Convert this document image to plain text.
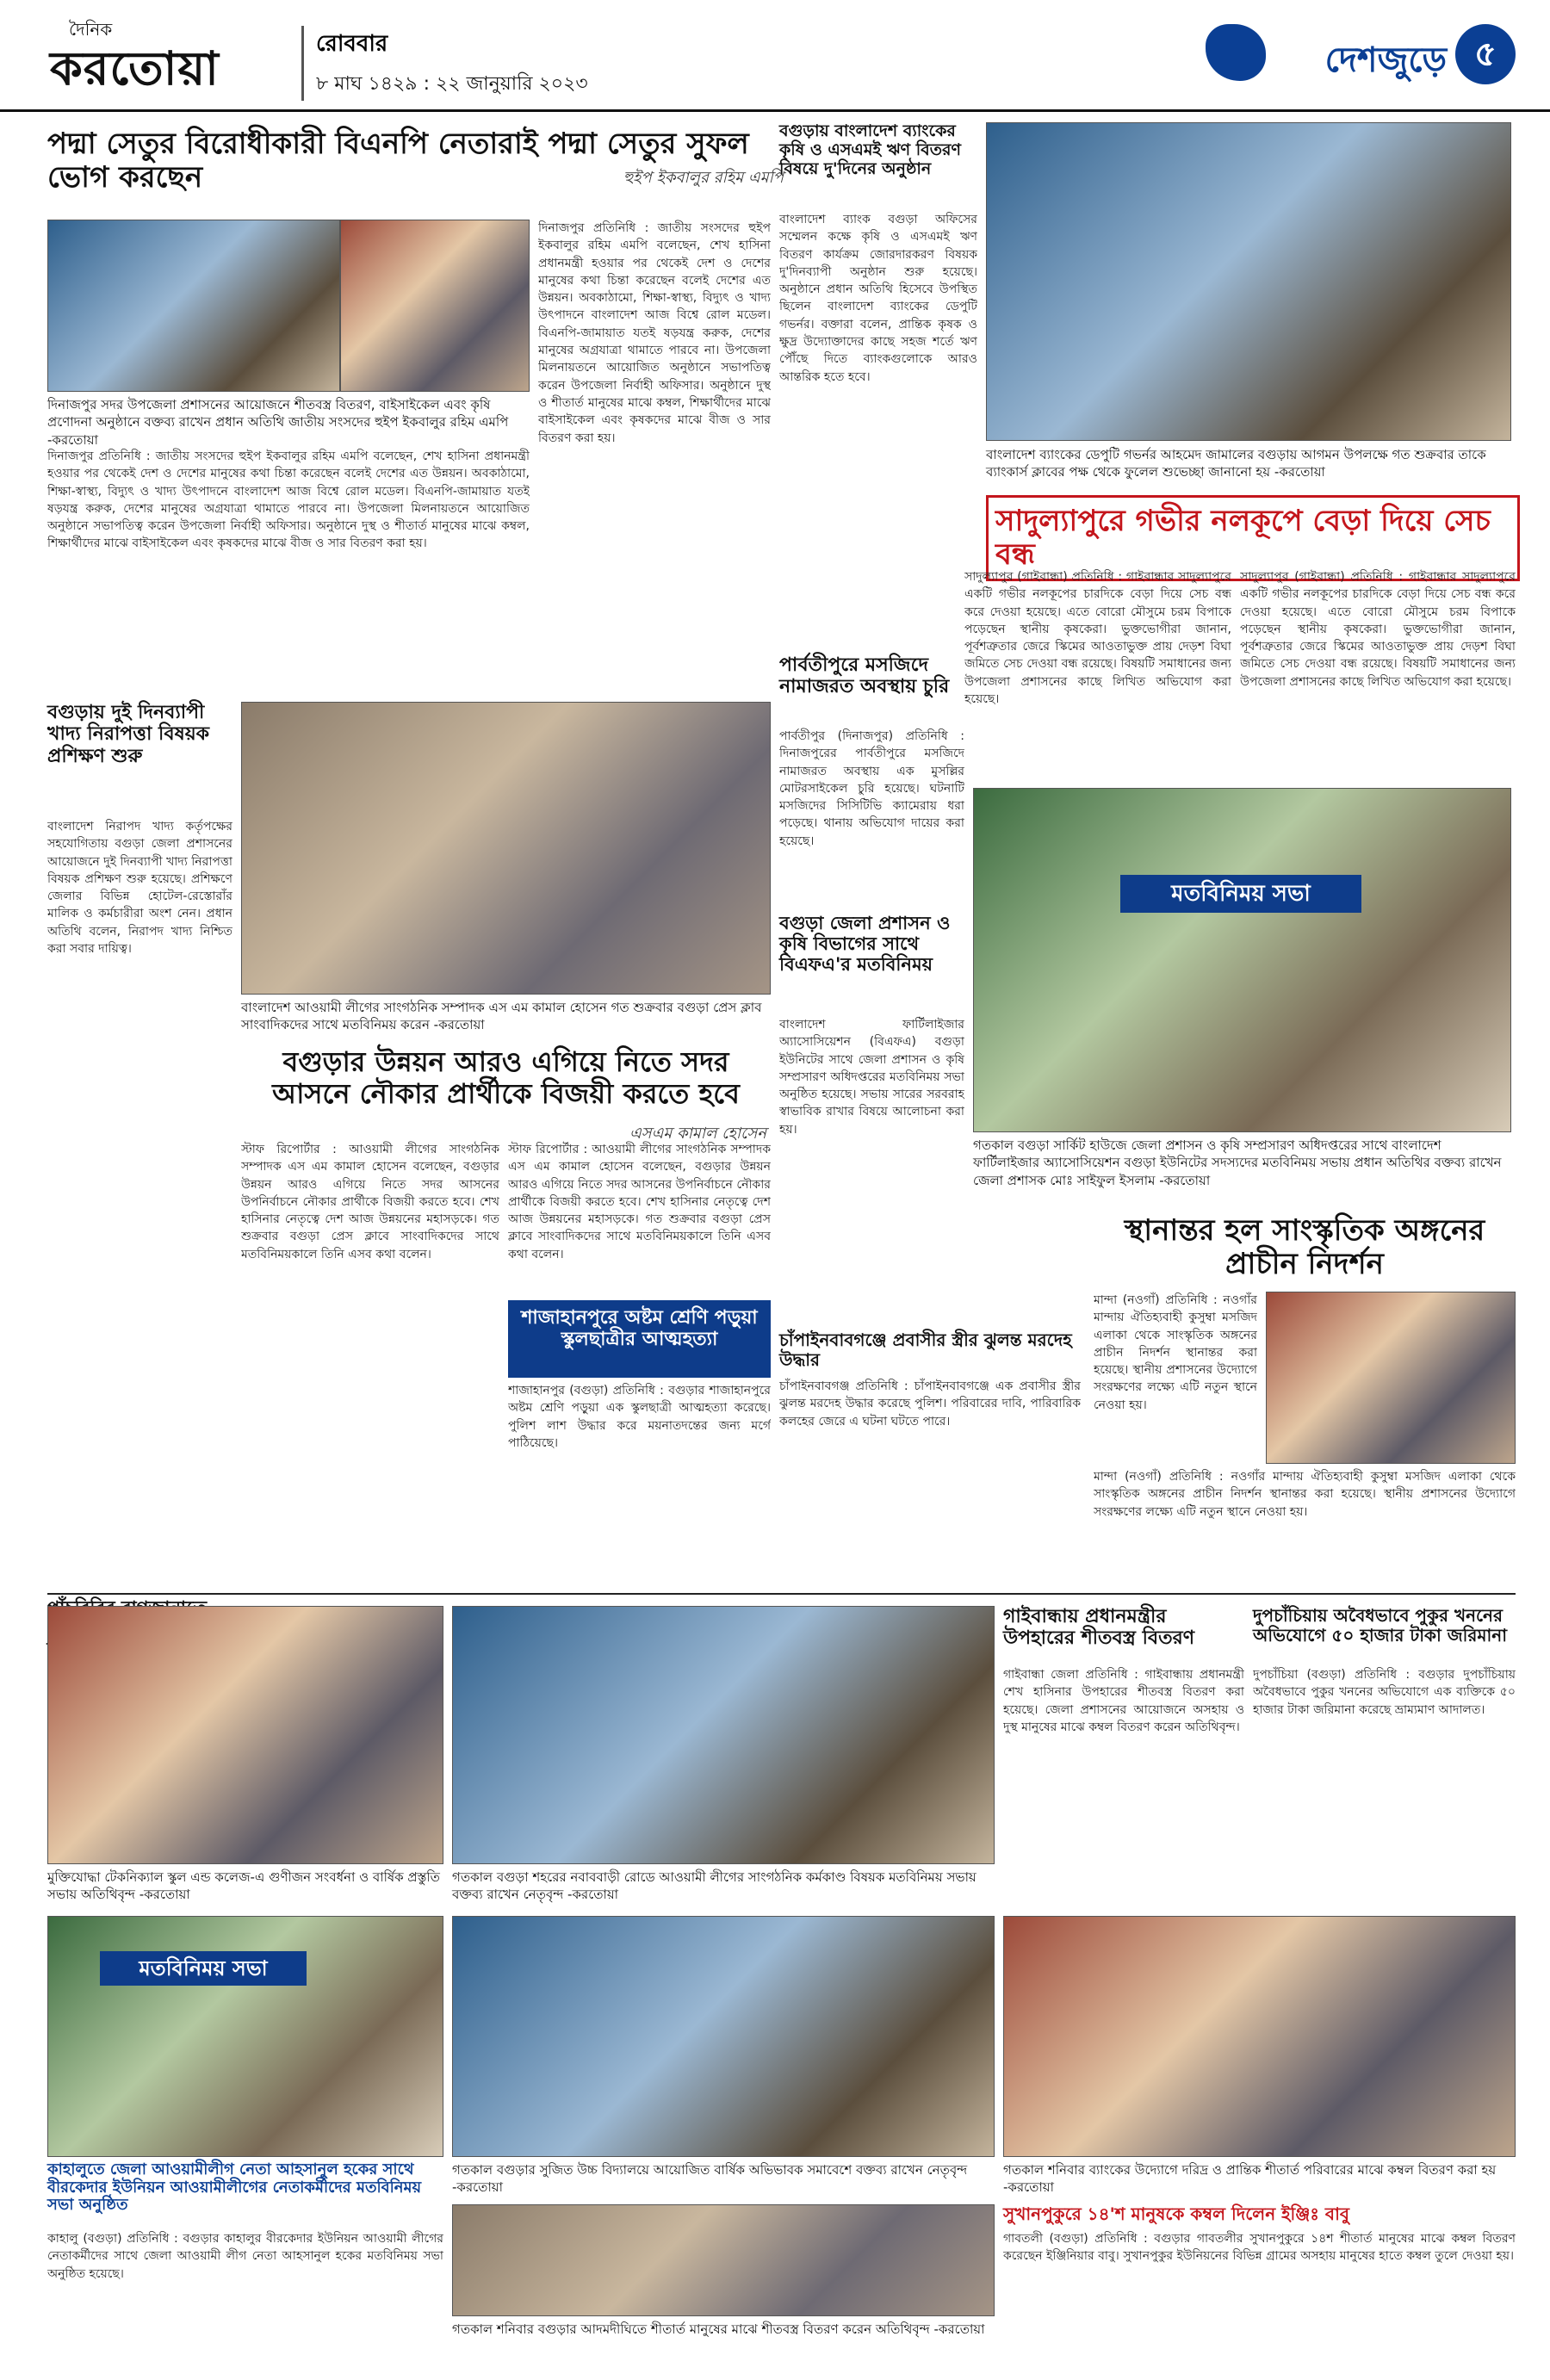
দৈনিক
করতোয়া	রোববার
৮ মাঘ ১৪২৯ : ২২ জানুয়ারি ২০২৩
দেশজুড়ে ৫
পদ্মা সেতুর বিরোধীকারী বিএনপি নেতারাই পদ্মা সেতুর সুফল ভোগ করছেন	হুইপ ইকবালুর রহিম এমপি
দিনাজপুর সদর উপজেলা প্রশাসনের আয়োজনে শীতবস্ত্র বিতরণ, বাইসাইকেল এবং কৃষি প্রণোদনা অনুষ্ঠানে বক্তব্য রাখেন প্রধান অতিথি জাতীয় সংসদের হুইপ ইকবালুর রহিম এমপি -করতোয়া
দিনাজপুর প্রতিনিধি : জাতীয় সংসদের হুইপ ইকবালুর রহিম এমপি বলেছেন, শেখ হাসিনা প্রধানমন্ত্রী হওয়ার পর থেকেই দেশ ও দেশের মানুষের কথা চিন্তা করেছেন বলেই দেশের এত উন্নয়ন। অবকাঠামো, শিক্ষা-স্বাস্থ্য, বিদ্যুৎ ও খাদ্য উৎপাদনে বাংলাদেশ আজ বিশ্বে রোল মডেল। বিএনপি-জামায়াত যতই ষড়যন্ত্র করুক, দেশের মানুষের অগ্রযাত্রা থামাতে পারবে না। উপজেলা মিলনায়তনে আয়োজিত অনুষ্ঠানে সভাপতিত্ব করেন উপজেলা নির্বাহী অফিসার। অনুষ্ঠানে দুস্থ ও শীতার্ত মানুষের মাঝে কম্বল, শিক্ষার্থীদের মাঝে বাইসাইকেল এবং কৃষকদের মাঝে বীজ ও সার বিতরণ করা হয়।
দিনাজপুর প্রতিনিধি : জাতীয় সংসদের হুইপ ইকবালুর রহিম এমপি বলেছেন, শেখ হাসিনা প্রধানমন্ত্রী হওয়ার পর থেকেই দেশ ও দেশের মানুষের কথা চিন্তা করেছেন বলেই দেশের এত উন্নয়ন। অবকাঠামো, শিক্ষা-স্বাস্থ্য, বিদ্যুৎ ও খাদ্য উৎপাদনে বাংলাদেশ আজ বিশ্বে রোল মডেল। বিএনপি-জামায়াত যতই ষড়যন্ত্র করুক, দেশের মানুষের অগ্রযাত্রা থামাতে পারবে না। উপজেলা মিলনায়তনে আয়োজিত অনুষ্ঠানে সভাপতিত্ব করেন উপজেলা নির্বাহী অফিসার। অনুষ্ঠানে দুস্থ ও শীতার্ত মানুষের মাঝে কম্বল, শিক্ষার্থীদের মাঝে বাইসাইকেল এবং কৃষকদের মাঝে বীজ ও সার বিতরণ করা হয়।
বগুড়ায় বাংলাদেশ ব্যাংকের কৃষি ও এসএমই ঋণ বিতরণ বিষয়ে দু'দিনের অনুষ্ঠান
বাংলাদেশ ব্যাংক বগুড়া অফিসের সম্মেলন কক্ষে কৃষি ও এসএমই ঋণ বিতরণ কার্যক্রম জোরদারকরণ বিষয়ক দু'দিনব্যাপী অনুষ্ঠান শুরু হয়েছে। অনুষ্ঠানে প্রধান অতিথি হিসেবে উপস্থিত ছিলেন বাংলাদেশ ব্যাংকের ডেপুটি গভর্নর। বক্তারা বলেন, প্রান্তিক কৃষক ও ক্ষুদ্র উদ্যোক্তাদের কাছে সহজ শর্তে ঋণ পৌঁছে দিতে ব্যাংকগুলোকে আরও আন্তরিক হতে হবে।
বাংলাদেশ ব্যাংকের ডেপুটি গভর্নর আহমেদ জামালের বগুড়ায় আগমন উপলক্ষে গত শুক্রবার তাকে ব্যাংকার্স ক্লাবের পক্ষ থেকে ফুলেল শুভেচ্ছা জানানো হয় -করতোয়া
সাদুল্যাপুরে গভীর নলকূপে বেড়া দিয়ে সেচ বন্ধ
সাদুল্যাপুর (গাইবান্ধা) প্রতিনিধি : গাইবান্ধার সাদুল্যাপুরে একটি গভীর নলকূপের চারদিকে বেড়া দিয়ে সেচ বন্ধ করে দেওয়া হয়েছে। এতে বোরো মৌসুমে চরম বিপাকে পড়েছেন স্থানীয় কৃষকেরা। ভুক্তভোগীরা জানান, পূর্বশত্রুতার জেরে স্কিমের আওতাভুক্ত প্রায় দেড়শ বিঘা জমিতে সেচ দেওয়া বন্ধ রয়েছে। বিষয়টি সমাধানের জন্য উপজেলা প্রশাসনের কাছে লিখিত অভিযোগ করা হয়েছে।
সাদুল্যাপুর (গাইবান্ধা) প্রতিনিধি : গাইবান্ধার সাদুল্যাপুরে একটি গভীর নলকূপের চারদিকে বেড়া দিয়ে সেচ বন্ধ করে দেওয়া হয়েছে। এতে বোরো মৌসুমে চরম বিপাকে পড়েছেন স্থানীয় কৃষকেরা। ভুক্তভোগীরা জানান, পূর্বশত্রুতার জেরে স্কিমের আওতাভুক্ত প্রায় দেড়শ বিঘা জমিতে সেচ দেওয়া বন্ধ রয়েছে। বিষয়টি সমাধানের জন্য উপজেলা প্রশাসনের কাছে লিখিত অভিযোগ করা হয়েছে।
বগুড়ায় দুই দিনব্যাপী খাদ্য নিরাপত্তা বিষয়ক প্রশিক্ষণ শুরু
বাংলাদেশ নিরাপদ খাদ্য কর্তৃপক্ষের সহযোগিতায় বগুড়া জেলা প্রশাসনের আয়োজনে দুই দিনব্যাপী খাদ্য নিরাপত্তা বিষয়ক প্রশিক্ষণ শুরু হয়েছে। প্রশিক্ষণে জেলার বিভিন্ন হোটেল-রেস্তোরাঁর মালিক ও কর্মচারীরা অংশ নেন। প্রধান অতিথি বলেন, নিরাপদ খাদ্য নিশ্চিত করা সবার দায়িত্ব।
বাংলাদেশ আওয়ামী লীগের সাংগঠনিক সম্পাদক এস এম কামাল হোসেন গত শুক্রবার বগুড়া প্রেস ক্লাব সাংবাদিকদের সাথে মতবিনিময় করেন -করতোয়া
পার্বতীপুরে মসজিদে নামাজরত অবস্থায় চুরি
পার্বতীপুর (দিনাজপুর) প্রতিনিধি : দিনাজপুরের পার্বতীপুরে মসজিদে নামাজরত অবস্থায় এক মুসল্লির মোটরসাইকেল চুরি হয়েছে। ঘটনাটি মসজিদের সিসিটিভি ক্যামেরায় ধরা পড়েছে। থানায় অভিযোগ দায়ের করা হয়েছে।
বগুড়ার উন্নয়ন আরও এগিয়ে নিতে সদর আসনে নৌকার প্রার্থীকে বিজয়ী করতে হবে
এসএম কামাল হোসেন
স্টাফ রিপোর্টার : আওয়ামী লীগের সাংগঠনিক সম্পাদক এস এম কামাল হোসেন বলেছেন, বগুড়ার উন্নয়ন আরও এগিয়ে নিতে সদর আসনের উপনির্বাচনে নৌকার প্রার্থীকে বিজয়ী করতে হবে। শেখ হাসিনার নেতৃত্বে দেশ আজ উন্নয়নের মহাসড়কে। গত শুক্রবার বগুড়া প্রেস ক্লাবে সাংবাদিকদের সাথে মতবিনিময়কালে তিনি এসব কথা বলেন।
স্টাফ রিপোর্টার : আওয়ামী লীগের সাংগঠনিক সম্পাদক এস এম কামাল হোসেন বলেছেন, বগুড়ার উন্নয়ন আরও এগিয়ে নিতে সদর আসনের উপনির্বাচনে নৌকার প্রার্থীকে বিজয়ী করতে হবে। শেখ হাসিনার নেতৃত্বে দেশ আজ উন্নয়নের মহাসড়কে। গত শুক্রবার বগুড়া প্রেস ক্লাবে সাংবাদিকদের সাথে মতবিনিময়কালে তিনি এসব কথা বলেন।
শাজাহানপুরে অষ্টম শ্রেণি পড়ুয়া স্কুলছাত্রীর আত্মহত্যা
শাজাহানপুর (বগুড়া) প্রতিনিধি : বগুড়ার শাজাহানপুরে অষ্টম শ্রেণি পড়ুয়া এক স্কুলছাত্রী আত্মহত্যা করেছে। পুলিশ লাশ উদ্ধার করে ময়নাতদন্তের জন্য মর্গে পাঠিয়েছে।
বগুড়া জেলা প্রশাসন ও কৃষি বিভাগের সাথে বিএফএ'র মতবিনিময়
বাংলাদেশ ফার্টিলাইজার অ্যাসোসিয়েশন (বিএফএ) বগুড়া ইউনিটের সাথে জেলা প্রশাসন ও কৃষি সম্প্রসারণ অধিদপ্তরের মতবিনিময় সভা অনুষ্ঠিত হয়েছে। সভায় সারের সরবরাহ স্বাভাবিক রাখার বিষয়ে আলোচনা করা হয়।
মতবিনিময় সভা
গতকাল বগুড়া সার্কিট হাউজে জেলা প্রশাসন ও কৃষি সম্প্রসারণ অধিদপ্তরের সাথে বাংলাদেশ ফার্টিলাইজার অ্যাসোসিয়েশন বগুড়া ইউনিটের সদস্যদের মতবিনিময় সভায় প্রধান অতিথির বক্তব্য রাখেন জেলা প্রশাসক মোঃ সাইফুল ইসলাম -করতোয়া
চাঁপাইনবাবগঞ্জে প্রবাসীর স্ত্রীর ঝুলন্ত মরদেহ উদ্ধার
চাঁপাইনবাবগঞ্জ প্রতিনিধি : চাঁপাইনবাবগঞ্জে এক প্রবাসীর স্ত্রীর ঝুলন্ত মরদেহ উদ্ধার করেছে পুলিশ। পরিবারের দাবি, পারিবারিক কলহের জেরে এ ঘটনা ঘটতে পারে।
স্থানান্তর হল সাংস্কৃতিক অঙ্গনের প্রাচীন নিদর্শন
মান্দা (নওগাঁ) প্রতিনিধি : নওগাঁর মান্দায় ঐতিহ্যবাহী কুসুম্বা মসজিদ এলাকা থেকে সাংস্কৃতিক অঙ্গনের প্রাচীন নিদর্শন স্থানান্তর করা হয়েছে। স্থানীয় প্রশাসনের উদ্যোগে সংরক্ষণের লক্ষ্যে এটি নতুন স্থানে নেওয়া হয়।
মান্দা (নওগাঁ) প্রতিনিধি : নওগাঁর মান্দায় ঐতিহ্যবাহী কুসুম্বা মসজিদ এলাকা থেকে সাংস্কৃতিক অঙ্গনের প্রাচীন নিদর্শন স্থানান্তর করা হয়েছে। স্থানীয় প্রশাসনের উদ্যোগে সংরক্ষণের লক্ষ্যে এটি নতুন স্থানে নেওয়া হয়।
মুক্তিযোদ্ধা টেকনিক্যাল স্কুল এন্ড কলেজ-এ গুণীজন সংবর্ধনা ও বার্ষিক প্রস্তুতি সভায় অতিথিবৃন্দ -করতোয়া
গতকাল বগুড়া শহরের নবাববাড়ী রোডে আওয়ামী লীগের সাংগঠনিক কর্মকাণ্ড বিষয়ক মতবিনিময় সভায় বক্তব্য রাখেন নেতৃবৃন্দ -করতোয়া
গাইবান্ধায় প্রধানমন্ত্রীর উপহারের শীতবস্ত্র বিতরণ
গাইবান্ধা জেলা প্রতিনিধি : গাইবান্ধায় প্রধানমন্ত্রী শেখ হাসিনার উপহারের শীতবস্ত্র বিতরণ করা হয়েছে। জেলা প্রশাসনের আয়োজনে অসহায় ও দুস্থ মানুষের মাঝে কম্বল বিতরণ করেন অতিথিবৃন্দ।
দুপচাঁচিয়ায় অবৈধভাবে পুকুর খননের অভিযোগে ৫০ হাজার টাকা জরিমানা
দুপচাঁচিয়া (বগুড়া) প্রতিনিধি : বগুড়ার দুপচাঁচিয়ায় অবৈধভাবে পুকুর খননের অভিযোগে এক ব্যক্তিকে ৫০ হাজার টাকা জরিমানা করেছে ভ্রাম্যমাণ আদালত।
মতবিনিময় সভা
কাহালুতে জেলা আওয়ামীলীগ নেতা আহসানুল হকের সাথে বীরকেদার ইউনিয়ন আওয়ামীলীগের নেতাকর্মীদের মতবিনিময় সভা অনুষ্ঠিত
কাহালু (বগুড়া) প্রতিনিধি : বগুড়ার কাহালুর বীরকেদার ইউনিয়ন আওয়ামী লীগের নেতাকর্মীদের সাথে জেলা আওয়ামী লীগ নেতা আহসানুল হকের মতবিনিময় সভা অনুষ্ঠিত হয়েছে।
গতকাল বগুড়ার সুজিত উচ্চ বিদ্যালয়ে আয়োজিত বার্ষিক অভিভাবক সমাবেশে বক্তব্য রাখেন নেতৃবৃন্দ -করতোয়া
গতকাল শনিবার ব্যাংকের উদ্যোগে দরিদ্র ও প্রান্তিক শীতার্ত পরিবারের মাঝে কম্বল বিতরণ করা হয় -করতোয়া
গতকাল শনিবার বগুড়ার আদমদীঘিতে শীতার্ত মানুষের মাঝে শীতবস্ত্র বিতরণ করেন অতিথিবৃন্দ -করতোয়া
সুখানপুকুরে ১৪'শ মানুষকে কম্বল দিলেন ইঞ্জিঃ বাবু
গাবতলী (বগুড়া) প্রতিনিধি : বগুড়ার গাবতলীর সুখানপুকুরে ১৪শ শীতার্ত মানুষের মাঝে কম্বল বিতরণ করেছেন ইঞ্জিনিয়ার বাবু। সুখানপুকুর ইউনিয়নের বিভিন্ন গ্রামের অসহায় মানুষের হাতে কম্বল তুলে দেওয়া হয়।
